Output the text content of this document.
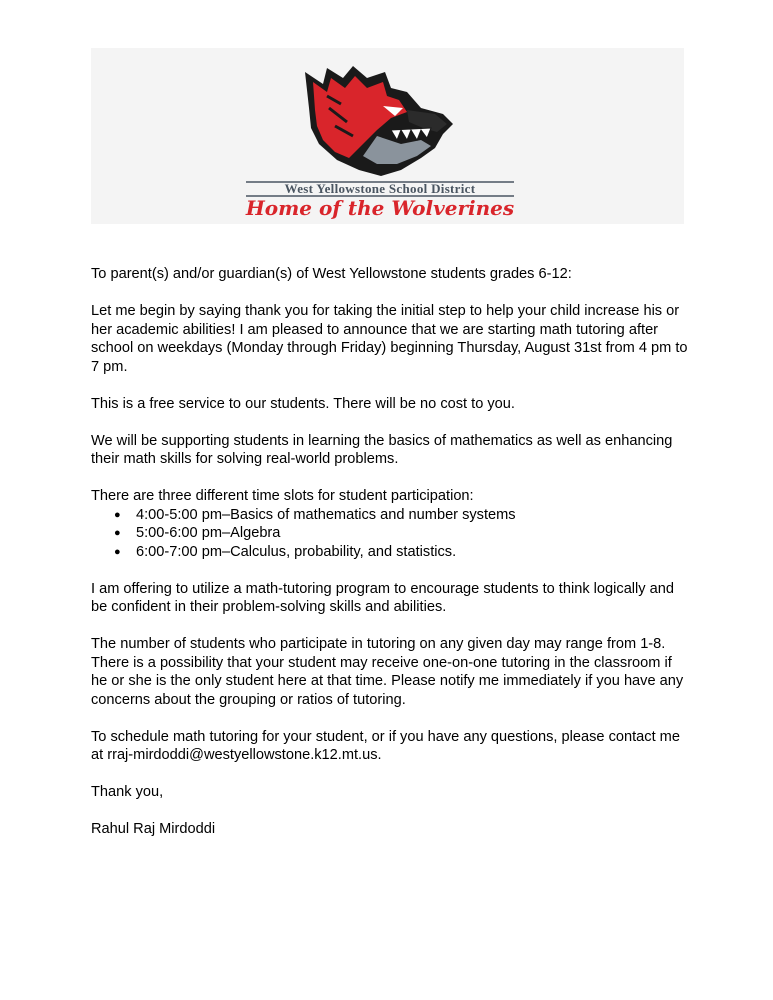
West Yellowstone School District
Home of the Wolverines

To parent(s) and/or guardian(s) of West Yellowstone students grades 6-12:

Let me begin by saying thank you for taking the initial step to help your child increase his or her academic abilities! I am pleased to announce that we are starting math tutoring after school on weekdays (Monday through Friday) beginning Thursday, August 31st from 4 pm to 7 pm.

This is a free service to our students. There will be no cost to you.

We will be supporting students in learning the basics of mathematics as well as enhancing their math skills for solving real-world problems.

There are three different time slots for student participation:
● 4:00-5:00 pm–Basics of mathematics and number systems
● 5:00-6:00 pm–Algebra
● 6:00-7:00 pm–Calculus, probability, and statistics.

I am offering to utilize a math-tutoring program to encourage students to think logically and be confident in their problem-solving skills and abilities.

The number of students who participate in tutoring on any given day may range from 1-8. There is a possibility that your student may receive one-on-one tutoring in the classroom if he or she is the only student here at that time. Please notify me immediately if you have any concerns about the grouping or ratios of tutoring.

To schedule math tutoring for your student, or if you have any questions, please contact me at rraj-mirdoddi@westyellowstone.k12.mt.us.

Thank you,

Rahul Raj Mirdoddi
